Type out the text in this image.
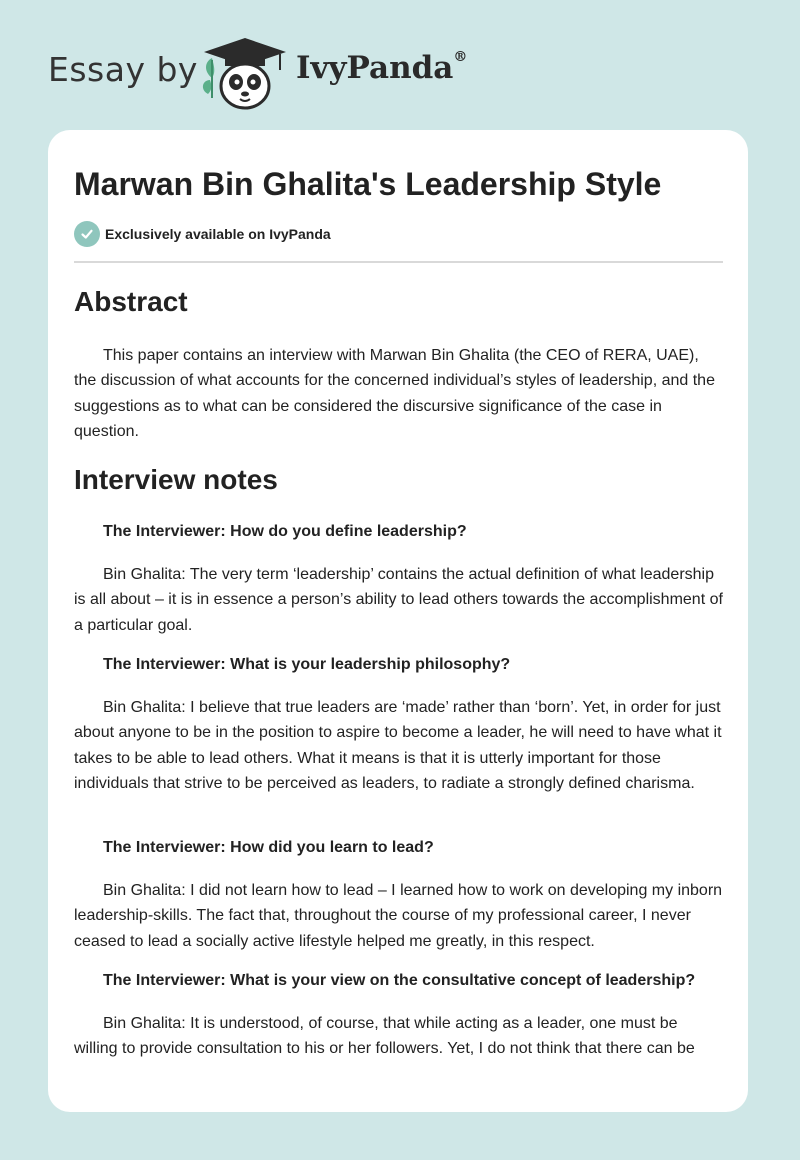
Essay by	IvyPanda®
Marwan Bin Ghalita's Leadership Style
Exclusively available on IvyPanda
Abstract

This paper contains an interview with Marwan Bin Ghalita (the CEO of RERA, UAE), the discussion of what accounts for the concerned individual’s styles of leadership, and the suggestions as to what can be considered the discursive significance of the case in question.

Interview notes

The Interviewer: How do you define leadership?

Bin Ghalita: The very term ‘leadership’ contains the actual definition of what leadership is all about – it is in essence a person’s ability to lead others towards the accomplishment of a particular goal.

The Interviewer: What is your leadership philosophy?

Bin Ghalita: I believe that true leaders are ‘made’ rather than ‘born’. Yet, in order for just about anyone to be in the position to aspire to become a leader, he will need to have what it takes to be able to lead others. What it means is that it is utterly important for those individuals that strive to be perceived as leaders, to radiate a strongly defined charisma.

The Interviewer: How did you learn to lead?

Bin Ghalita: I did not learn how to lead – I learned how to work on developing my inborn leadership-skills. The fact that, throughout the course of my professional career, I never ceased to lead a socially active lifestyle helped me greatly, in this respect.

The Interviewer: What is your view on the consultative concept of leadership?

Bin Ghalita: It is understood, of course, that while acting as a leader, one must be willing to provide consultation to his or her followers. Yet, I do not think that there can be
